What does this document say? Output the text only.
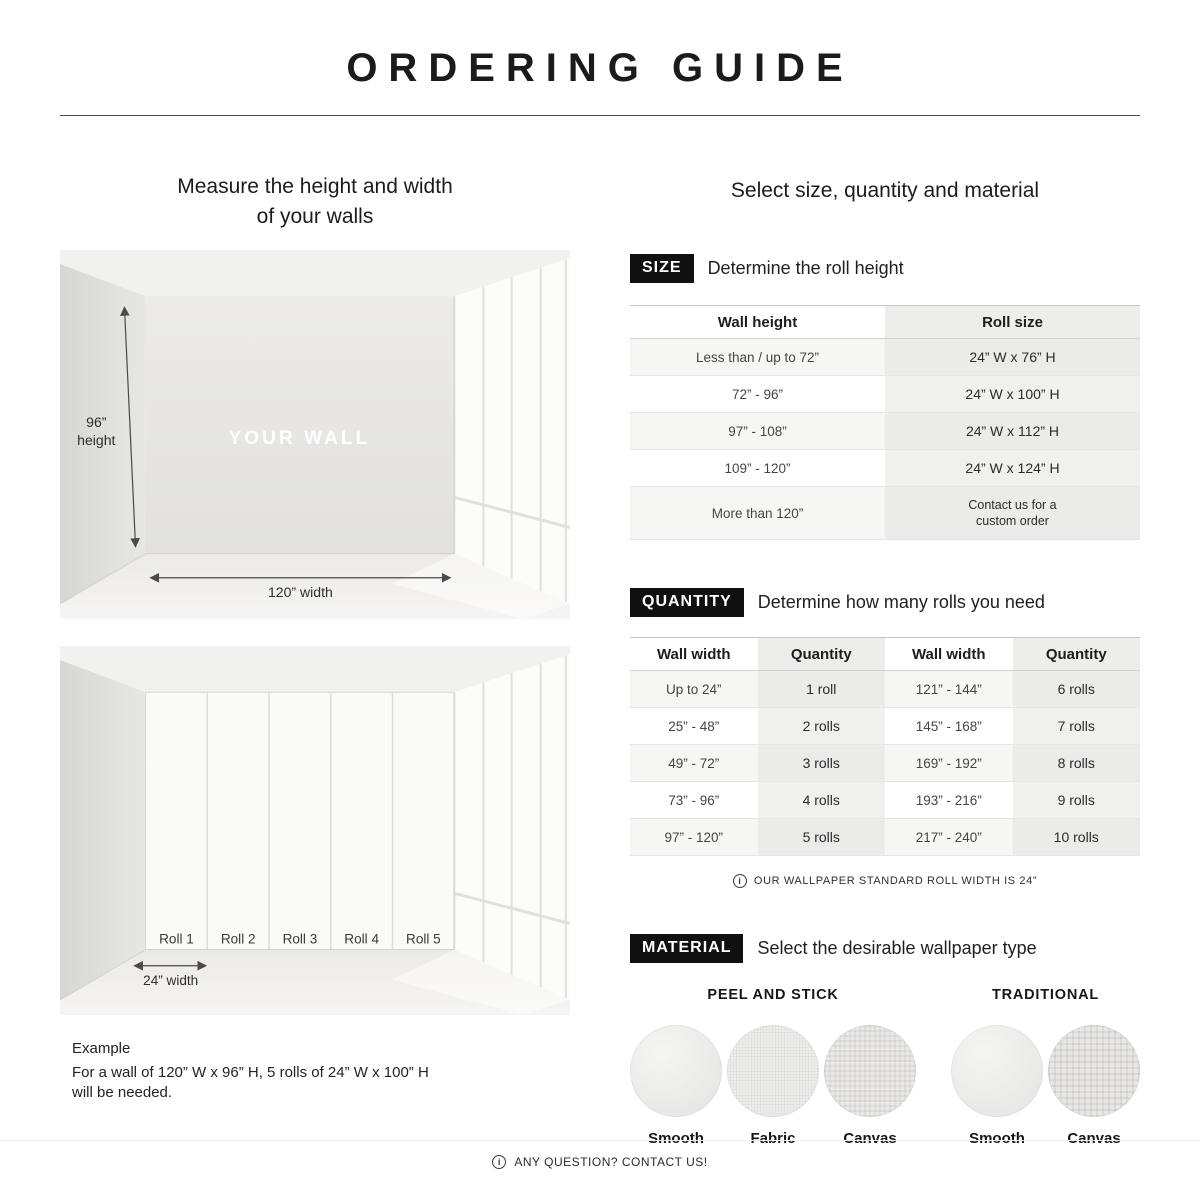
ORDERING GUIDE
Measure the height and width
of your walls
YOUR WALL
96”
height
120” width
Roll 1 Roll 2 Roll 3 Roll 4 Roll 5
24” width
Example
For a wall of 120” W x 96” H, 5 rolls of 24” W x 100” H
will be needed.
Select size, quantity and material
SIZE	Determine the roll height
Wall height	Roll size
Less than / up to 72”	24” W x 76” H
72” - 96”	24” W x 100” H
97” - 108”	24” W x 112” H
109” - 120”	24” W x 124” H
More than 120”	Contact us for a custom order
QUANTITY	Determine how many rolls you need
Wall width	Quantity	Wall width	Quantity
Up to 24”	1 roll	121” - 144”	6 rolls
25” - 48”	2 rolls	145” - 168”	7 rolls
49” - 72”	3 rolls	169” - 192”	8 rolls
73” - 96”	4 rolls	193” - 216”	9 rolls
97” - 120”	5 rolls	217” - 240”	10 rolls
i	OUR WALLPAPER STANDARD ROLL WIDTH IS 24”
MATERIAL	Select the desirable wallpaper type
PEEL AND STICK
Smooth	Fabric	Canvas
TRADITIONAL
Smooth	Canvas
i	ANY QUESTION? CONTACT US!
